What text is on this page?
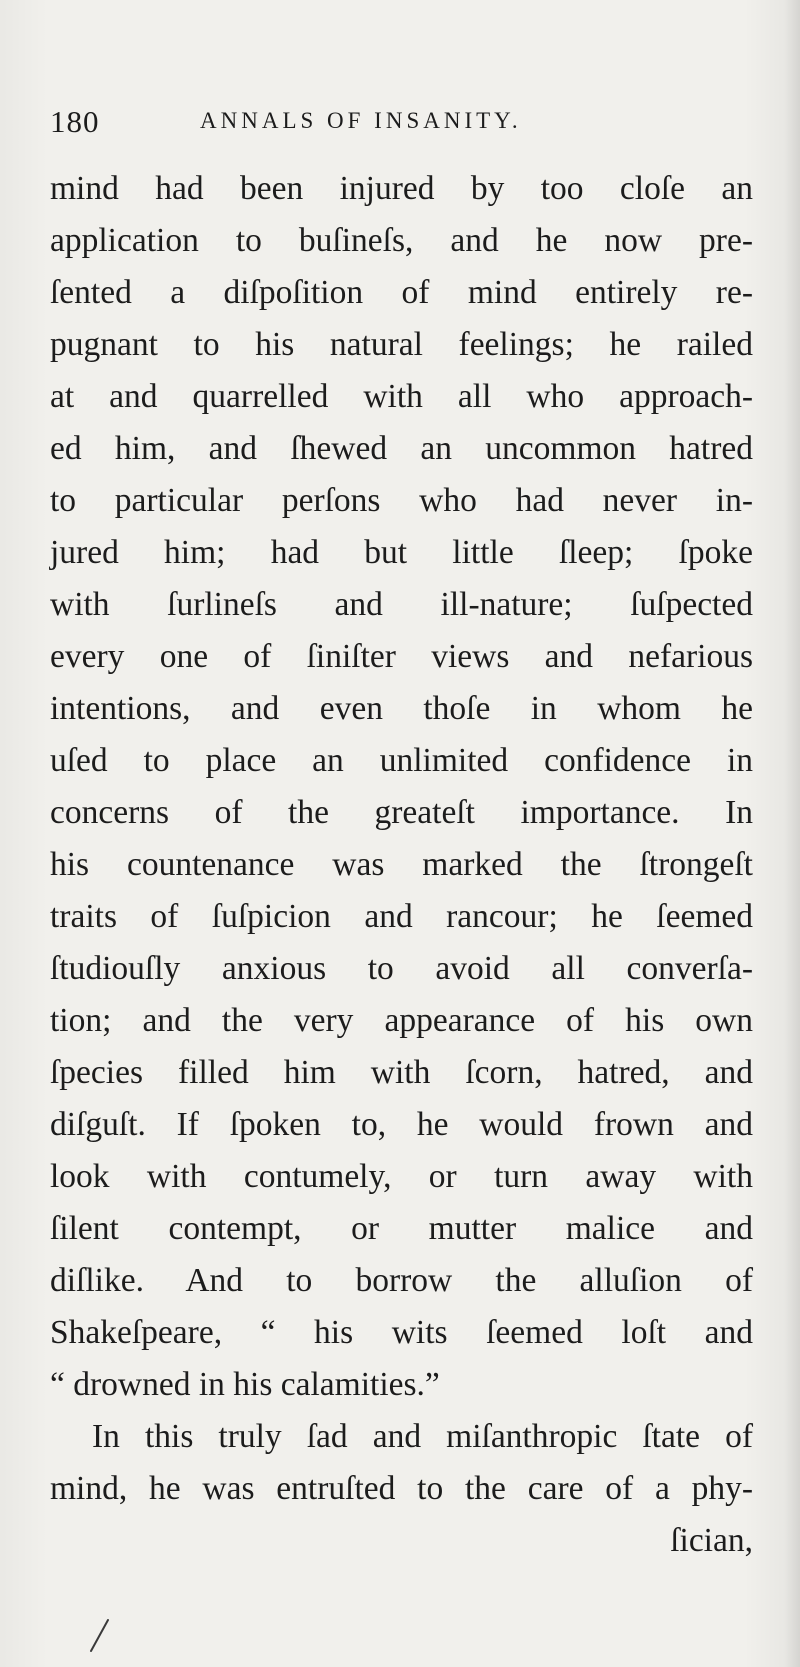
180	ANNALS OF INSANITY.
mind had been injured by too cloſe an
application to buſineſs, and he now pre-
ſented a diſpoſition of mind entirely re-
pugnant to his natural feelings; he railed
at and quarrelled with all who approach-
ed him, and ſhewed an uncommon hatred
to particular perſons who had never in-
jured him; had but little ſleep; ſpoke
with ſurlineſs and ill-nature; ſuſpected
every one of ſiniſter views and nefarious
intentions, and even thoſe in whom he
uſed to place an unlimited confidence in
concerns of the greateſt importance. In
his countenance was marked the ſtrongeſt
traits of ſuſpicion and rancour; he ſeemed
ſtudiouſly anxious to avoid all converſa-
tion; and the very appearance of his own
ſpecies filled him with ſcorn, hatred, and
diſguſt. If ſpoken to, he would frown and
look with contumely, or turn away with
ſilent contempt, or mutter malice and
diſlike. And to borrow the alluſion of
Shakeſpeare, “ his wits ſeemed loſt and
“ drowned in his calamities.”
In this truly ſad and miſanthropic ſtate of
mind, he was entruſted to the care of a phy-
ſician,
